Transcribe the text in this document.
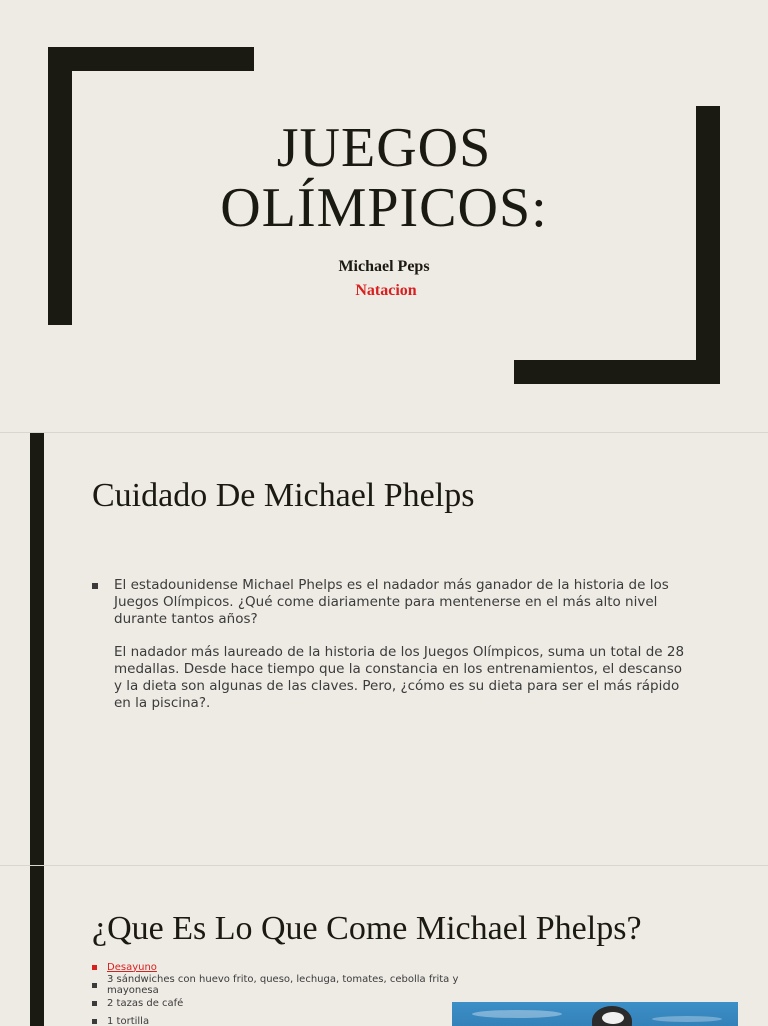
JUEGOS
OLÍMPICOS:
Michael Peps
Natacion
Cuidado De Michael Phelps

El estadounidense Michael Phelps es el nadador más ganador de la historia de los Juegos Olímpicos. ¿Qué come diariamente para mentenerse en el más alto nivel durante tantos años?

El nadador más laureado de la historia de los Juegos Olímpicos, suma un total de 28 medallas. Desde hace tiempo que la constancia en los entrenamientos, el descanso y la dieta son algunas de las claves. Pero, ¿cómo es su dieta para ser el más rápido en la piscina?.

¿Que Es Lo Que Come Michael Phelps?
Desayuno
3 sándwiches con huevo frito, queso, lechuga, tomates, cebolla frita y mayonesa
2 tazas de café
1 tortilla
